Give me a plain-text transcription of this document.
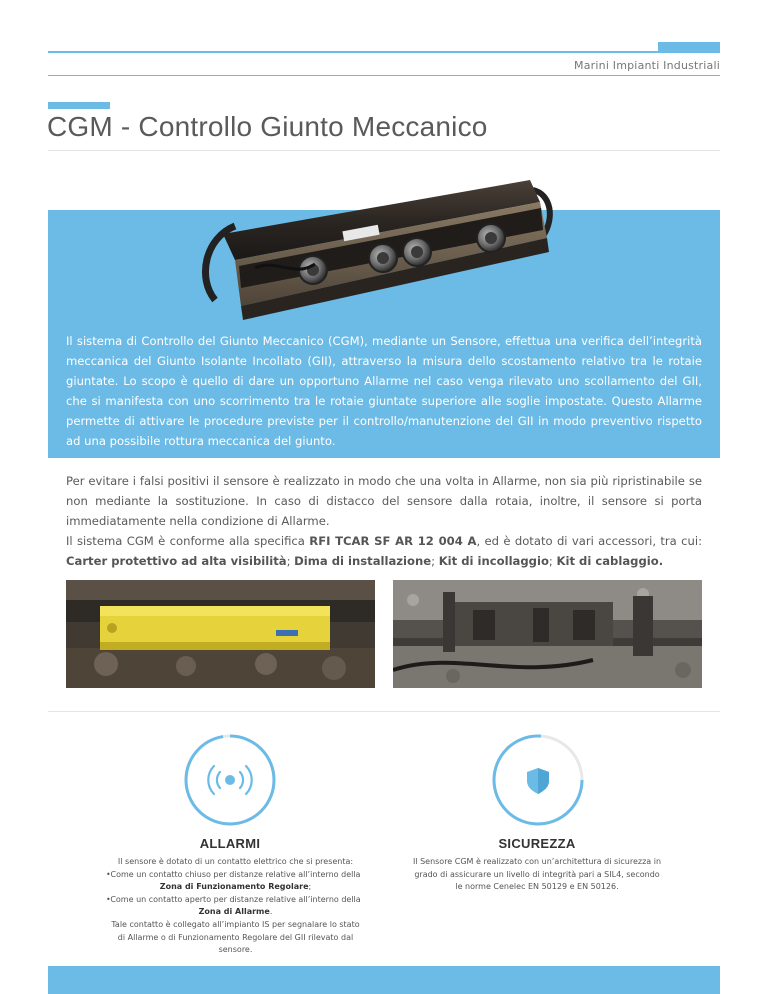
Marini Impianti Industriali
CGM - Controllo Giunto Meccanico

Il sistema di Controllo del Giunto Meccanico (CGM), mediante un Sensore, effettua una verifica dell’integrità meccanica del Giunto Isolante Incollato (GII), attraverso la misura dello scostamento relativo tra le rotaie giuntate. Lo scopo è quello di dare un opportuno Allarme nel caso venga rilevato uno scollamento del GII, che si manifesta con uno scorrimento tra le rotaie giuntate superiore alle soglie impostate. Questo Allarme permette di attivare le procedure previste per il controllo/manutenzione del GII in modo preventivo rispetto ad una possibile rottura meccanica del giunto.

Per evitare i falsi positivi il sensore è realizzato in modo che una volta in Allarme, non sia più ripristinabile se non mediante la sostituzione. In caso di distacco del sensore dalla rotaia, inoltre, il sensore si porta immediatamente nella condizione di Allarme.

Il sistema CGM è conforme alla specifica RFI TCAR SF AR 12 004 A, ed è dotato di vari accessori, tra cui: Carter protettivo ad alta visibilità; Dima di installazione; Kit di incollaggio; Kit di cablaggio.

ALLARMI	SICUREZZA
Il sensore è dotato di un contatto elettrico che si presenta:
• Come un contatto chiuso per distanze relative all’interno della Zona di Funzionamento Regolare;
• Come un contatto aperto per distanze relative all’interno della Zona di Allarme.
Tale contatto è collegato all’impianto IS per segnalare lo stato di Allarme o di Funzionamento Regolare del GII rilevato dal sensore.
Il Sensore CGM è realizzato con un’architettura di sicurezza in grado di assicurare un livello di integrità pari a SIL4, secondo le norme Cenelec EN 50129 e EN 50126.
